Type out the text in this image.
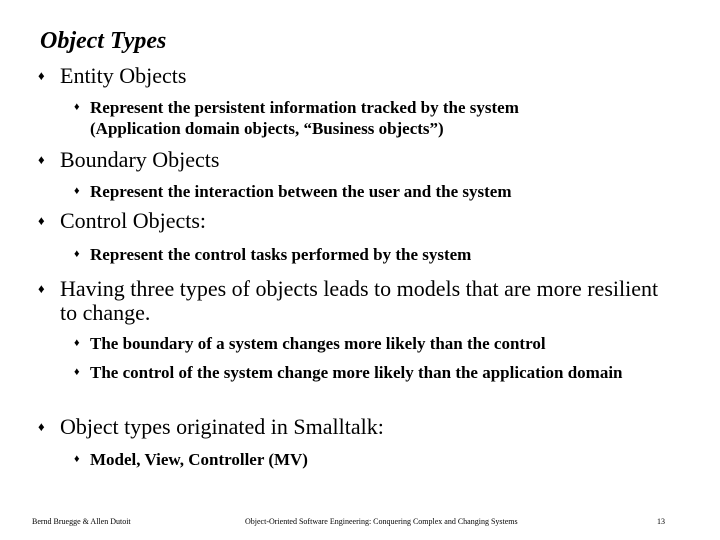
Object Types
♦ Entity Objects
♦ Represent the persistent information tracked by the system (Application domain objects, “Business objects”)
♦ Boundary Objects
♦ Represent the interaction between the user and the system
♦ Control Objects:
♦ Represent the control tasks performed by the system
♦ Having three types of objects leads to models that are more resilient to change.
♦ The boundary of a system changes more likely than the control
♦ The control of the system change more likely than the application domain
♦ Object types originated in Smalltalk:
♦ Model, View, Controller (MV)
Bernd Bruegge & Allen Dutoit	Object-Oriented Software Engineering: Conquering Complex and Changing Systems	13
